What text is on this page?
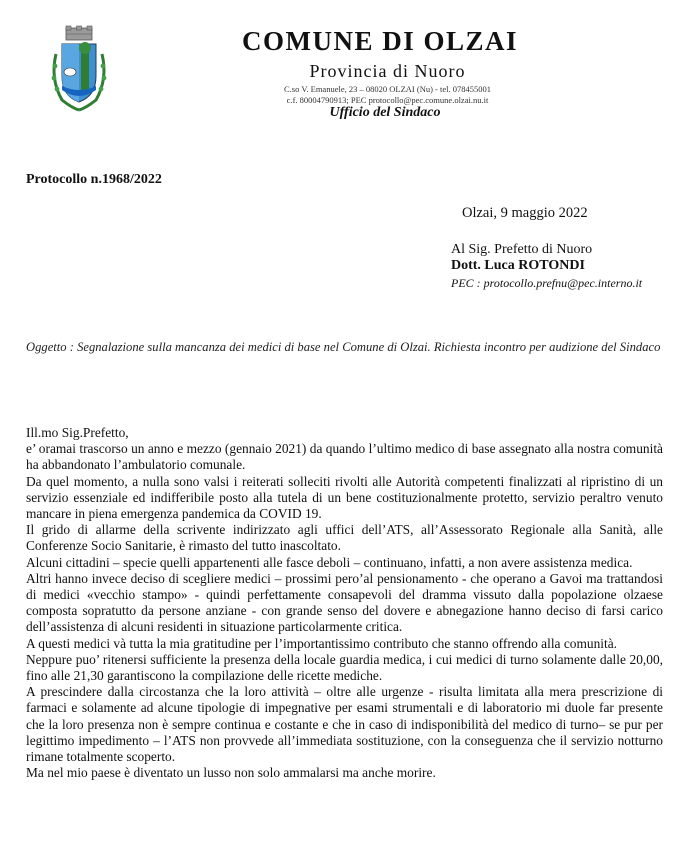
COMUNE DI OLZAI
Provincia di Nuoro
C.so V. Emanuele, 23 – 08020 OLZAI (Nu) - tel. 078455001
c.f. 80004790913; PEC protocollo@pec.comune.olzai.nu.it
Ufficio del Sindaco
Protocollo n.1968/2022
Olzai, 9 maggio 2022
Al Sig. Prefetto di Nuoro
Dott. Luca ROTONDI
PEC : protocollo.prefnu@pec.interno.it
Oggetto : Segnalazione sulla mancanza dei medici di base nel Comune di Olzai. Richiesta incontro per audizione del Sindaco

Ill.mo Sig.Prefetto,

e’ oramai trascorso un anno e mezzo (gennaio 2021) da quando l’ultimo medico di base assegnato alla nostra comunità ha abbandonato l’ambulatorio comunale.

Da quel momento, a nulla sono valsi i reiterati solleciti rivolti alle Autorità competenti finalizzati al ripristino di un servizio essenziale ed indifferibile posto alla tutela di un bene costituzionalmente protetto, servizio peraltro venuto mancare in piena emergenza pandemica da COVID 19.

Il grido di allarme della scrivente indirizzato agli uffici dell’ATS, all’Assessorato Regionale alla Sanità, alle Conferenze Socio Sanitarie, è rimasto del tutto inascoltato.

Alcuni cittadini – specie quelli appartenenti alle fasce deboli – continuano, infatti, a non avere assistenza medica.

Altri hanno invece deciso di scegliere medici – prossimi pero’al pensionamento - che operano a Gavoi ma trattandosi di medici «vecchio stampo» - quindi perfettamente consapevoli del dramma vissuto dalla popolazione olzaese composta sopratutto da persone anziane - con grande senso del dovere e abnegazione hanno deciso di farsi carico dell’assistenza di alcuni residenti in situazione particolarmente critica.

A questi medici và tutta la mia gratitudine per l’importantissimo contributo che stanno offrendo alla comunità.

Neppure puo’ ritenersi sufficiente la presenza della locale guardia medica, i cui medici di turno solamente dalle 20,00, fino alle 21,30 garantiscono la compilazione delle ricette mediche.

A prescindere dalla circostanza che la loro attività – oltre alle urgenze - risulta limitata alla mera prescrizione di farmaci e solamente ad alcune tipologie di impegnative per esami strumentali e di laboratorio mi duole far presente che la loro presenza non è sempre continua e costante e che in caso di indisponibilità del medico di turno– se pur per legittimo impedimento – l’ATS non provvede all’immediata sostituzione, con la conseguenza che il servizio notturno rimane totalmente scoperto.

Ma nel mio paese è diventato un lusso non solo ammalarsi ma anche morire.
